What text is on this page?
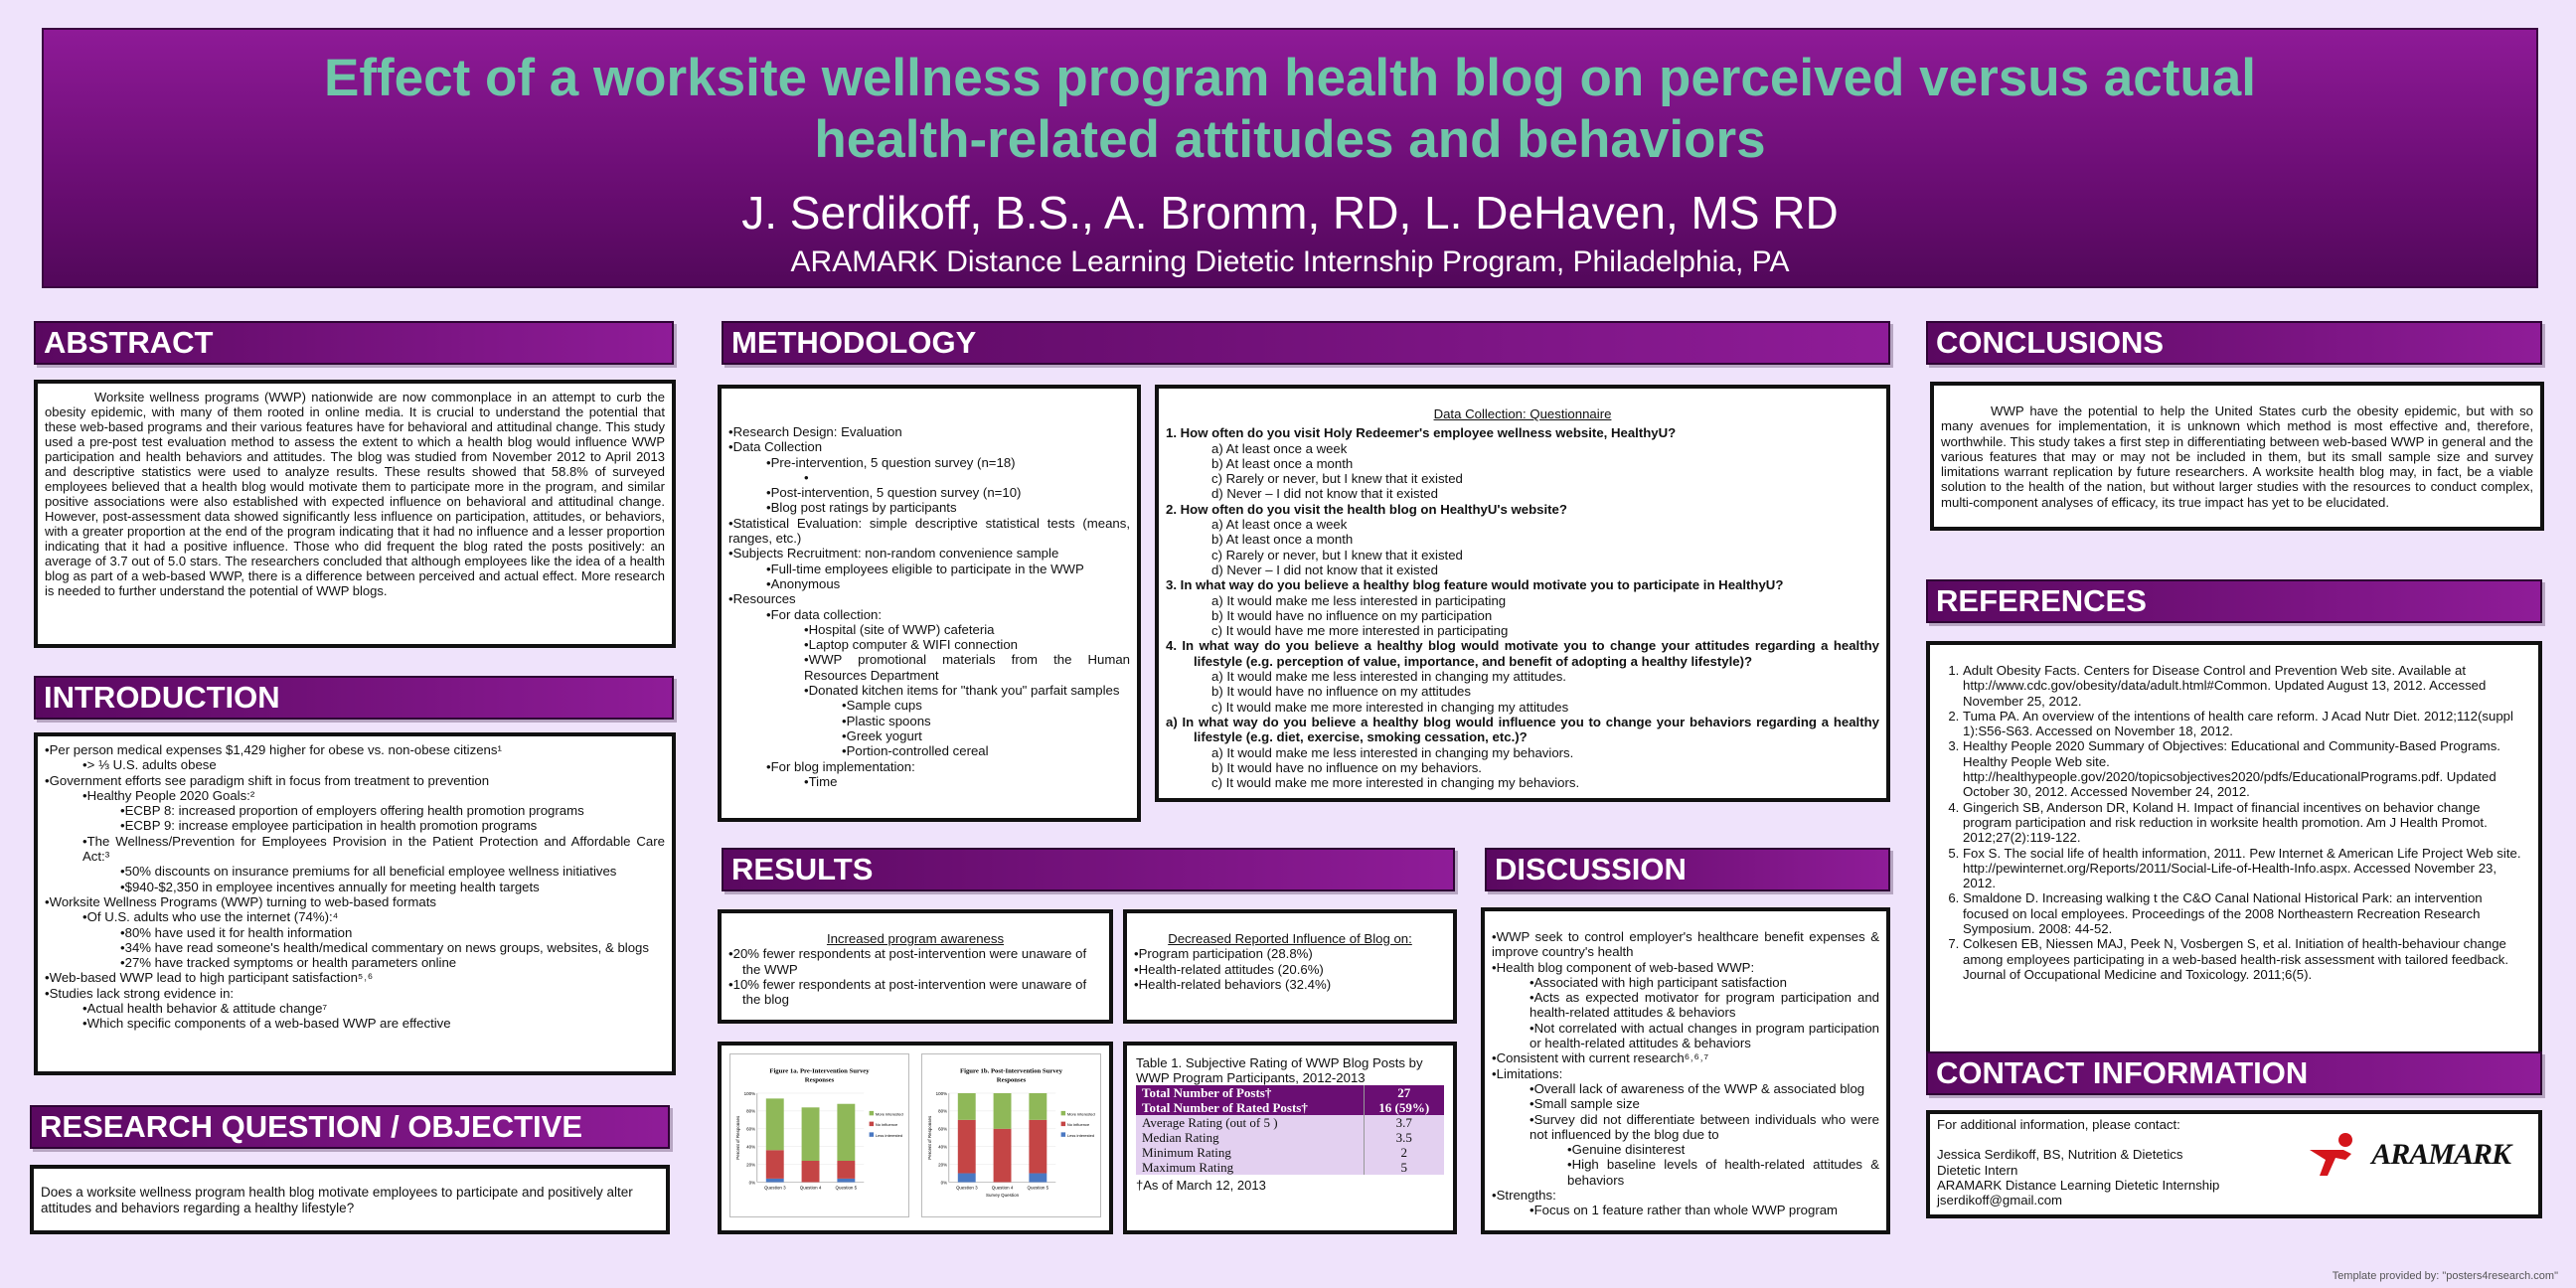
Effect of a worksite wellness program health blog on perceived versus actual
health-related attitudes and behaviors
J. Serdikoff, B.S., A. Bromm, RD, L. DeHaven, MS RD
ARAMARK Distance Learning Dietetic Internship Program, Philadelphia, PA
ABSTRACT
Worksite wellness programs (WWP) nationwide are now commonplace in an attempt to curb the obesity epidemic, with many of them rooted in online media. It is crucial to understand the potential that these web-based programs and their various features have for behavioral and attitudinal change. This study used a pre-post test evaluation method to assess the extent to which a health blog would influence WWP participation and health behaviors and attitudes. The blog was studied from November 2012 to April 2013 and descriptive statistics were used to analyze results. These results showed that 58.8% of surveyed employees believed that a health blog would motivate them to participate more in the program, and similar positive associations were also established with expected influence on behavioral and attitudinal change. However, post-assessment data showed significantly less influence on participation, attitudes, or behaviors, with a greater proportion at the end of the program indicating that it had no influence and a lesser proportion indicating that it had a positive influence. Those who did frequent the blog rated the posts positively: an average of 3.7 out of 5.0 stars. The researchers concluded that although employees like the idea of a health blog as part of a web-based WWP, there is a difference between perceived and actual effect. More research is needed to further understand the potential of WWP blogs.
INTRODUCTION
•Per person medical expenses $1,429 higher for obese vs. non-obese citizens¹
•> ⅓ U.S. adults obese
•Government efforts see paradigm shift in focus from treatment to prevention
•Healthy People 2020 Goals:²
•ECBP 8: increased proportion of employers offering health promotion programs
•ECBP 9: increase employee participation in health promotion programs
•The Wellness/Prevention for Employees Provision in the Patient Protection and Affordable Care Act:³
•50% discounts on insurance premiums for all beneficial employee wellness initiatives
•$940-$2,350 in employee incentives annually for meeting health targets
•Worksite Wellness Programs (WWP) turning to web-based formats
•Of U.S. adults who use the internet (74%):⁴
•80% have used it for health information
•34% have read someone's health/medical commentary on news groups, websites, & blogs
•27% have tracked symptoms or health parameters online
•Web-based WWP lead to high participant satisfaction⁵˒⁶
•Studies lack strong evidence in:
•Actual health behavior & attitude change⁷
•Which specific components of a web-based WWP are effective
RESEARCH QUESTION / OBJECTIVE
Does a worksite wellness program health blog motivate employees to participate and positively alter attitudes and behaviors regarding a healthy lifestyle?
METHODOLOGY
•Research Design: Evaluation
•Data Collection
•Pre-intervention, 5 question survey (n=18)
•
•Post-intervention, 5 question survey (n=10)
•Blog post ratings by participants
•Statistical Evaluation: simple descriptive statistical tests (means, ranges, etc.)
•Subjects Recruitment: non-random convenience sample
•Full-time employees eligible to participate in the WWP
•Anonymous
•Resources
•For data collection:
•Hospital (site of WWP) cafeteria
•Laptop computer & WIFI connection
•WWP promotional materials from the Human Resources Department
•Donated kitchen items for "thank you" parfait samples
•Sample cups
•Plastic spoons
•Greek yogurt
•Portion-controlled cereal
•For blog implementation:
•Time
Data Collection: Questionnaire
1. How often do you visit Holy Redeemer's employee wellness website, HealthyU?
a) At least once a week
b) At least once a month
c) Rarely or never, but I knew that it existed
d) Never – I did not know that it existed
2. How often do you visit the health blog on HealthyU's website?
a) At least once a week
b) At least once a month
c) Rarely or never, but I knew that it existed
d) Never – I did not know that it existed
3. In what way do you believe a healthy blog feature would motivate you to participate in HealthyU?
a) It would make me less interested in participating
b) It would have no influence on my participation
c) It would have me more interested in participating
4. In what way do you believe a healthy blog would motivate you to change your attitudes regarding a healthy lifestyle (e.g. perception of value, importance, and benefit of adopting a healthy lifestyle)?
a) It would make me less interested in changing my attitudes.
b) It would have no influence on my attitudes
c) It would make me more interested in changing my attitudes
a) In what way do you believe a healthy blog would influence you to change your behaviors regarding a healthy lifestyle (e.g. diet, exercise, smoking cessation, etc.)?
a) It would make me less interested in changing my behaviors.
b) It would have no influence on my behaviors.
c) It would make me more interested in changing my behaviors.
RESULTS
Increased program awareness
•20% fewer respondents at post-intervention were unaware of the WWP
•10% fewer respondents at post-intervention were unaware of the blog
Decreased Reported Influence of Blog on:
•Program participation (28.8%)
•Health-related attitudes (20.6%)
•Health-related behaviors (32.4%)
Figure 1a. Pre-Intervention Survey
Responses
0%
20%
40%
60%
80%
100%
Percent of Responses
Question 3	Question 4	Question 5
More interested
No influence
Less interested
Figure 1b. Post-Intervention Survey
Responses
0%
20%
40%
60%
80%
100%
Percent of Responses
Question 3	Question 4	Question 5
Survey Question
More interested
No influence
Less interested
Table 1. Subjective Rating of WWP Blog Posts by WWP Program Participants, 2012-2013
Total Number of Posts†	27
Total Number of Rated Posts†	16 (59%)
Average Rating (out of 5 )	3.7
Median Rating	3.5
Minimum Rating	2
Maximum Rating	5
†As of March 12, 2013
DISCUSSION
•WWP seek to control employer's healthcare benefit expenses & improve country's health
•Health blog component of web-based WWP:
•Associated with high participant satisfaction
•Acts as expected motivator for program participation and health-related attitudes & behaviors
•Not correlated with actual changes in program participation or health-related attitudes & behaviors
•Consistent with current research⁶˒⁶˒⁷
•Limitations:
•Overall lack of awareness of the WWP & associated blog
•Small sample size
•Survey did not differentiate between individuals who were not influenced by the blog due to
•Genuine disinterest
•High baseline levels of health-related attitudes & behaviors
•Strengths:
•Focus on 1 feature rather than whole WWP program
CONCLUSIONS
WWP have the potential to help the United States curb the obesity epidemic, but with so many avenues for implementation, it is unknown which method is most effective and, therefore, worthwhile. This study takes a first step in differentiating between web-based WWP in general and the various features that may or may not be included in them, but its small sample size and survey limitations warrant replication by future researchers. A worksite health blog may, in fact, be a viable solution to the health of the nation, but without larger studies with the resources to conduct complex, multi-component analyses of efficacy, its true impact has yet to be elucidated.
REFERENCES
1. Adult Obesity Facts. Centers for Disease Control and Prevention Web site. Available at http://www.cdc.gov/obesity/data/adult.html#Common. Updated August 13, 2012. Accessed November 25, 2012.
2. Tuma PA. An overview of the intentions of health care reform. J Acad Nutr Diet. 2012;112(suppl 1):S56-S63. Accessed on November 18, 2012.
3. Healthy People 2020 Summary of Objectives: Educational and Community-Based Programs. Healthy People Web site. http://healthypeople.gov/2020/topicsobjectives2020/pdfs/EducationalPrograms.pdf. Updated October 30, 2012. Accessed November 24, 2012.
4. Gingerich SB, Anderson DR, Koland H. Impact of financial incentives on behavior change program participation and risk reduction in worksite health promotion. Am J Health Promot. 2012;27(2):119-122.
5. Fox S. The social life of health information, 2011. Pew Internet & American Life Project Web site. http://pewinternet.org/Reports/2011/Social-Life-of-Health-Info.aspx. Accessed November 23, 2012.
6. Smaldone D. Increasing walking t the C&O Canal National Historical Park: an intervention focused on local employees. Proceedings of the 2008 Northeastern Recreation Research Symposium. 2008: 44-52.
7. Colkesen EB, Niessen MAJ, Peek N, Vosbergen S, et al. Initiation of health-behaviour change among employees participating in a web-based health-risk assessment with tailored feedback. Journal of Occupational Medicine and Toxicology. 2011;6(5).
CONTACT INFORMATION
For additional information, please contact:
Jessica Serdikoff, BS, Nutrition & Dietetics
Dietetic Intern
ARAMARK Distance Learning Dietetic Internship
jserdikoff@gmail.com
ARAMARK
Template provided by: "posters4research.com"
